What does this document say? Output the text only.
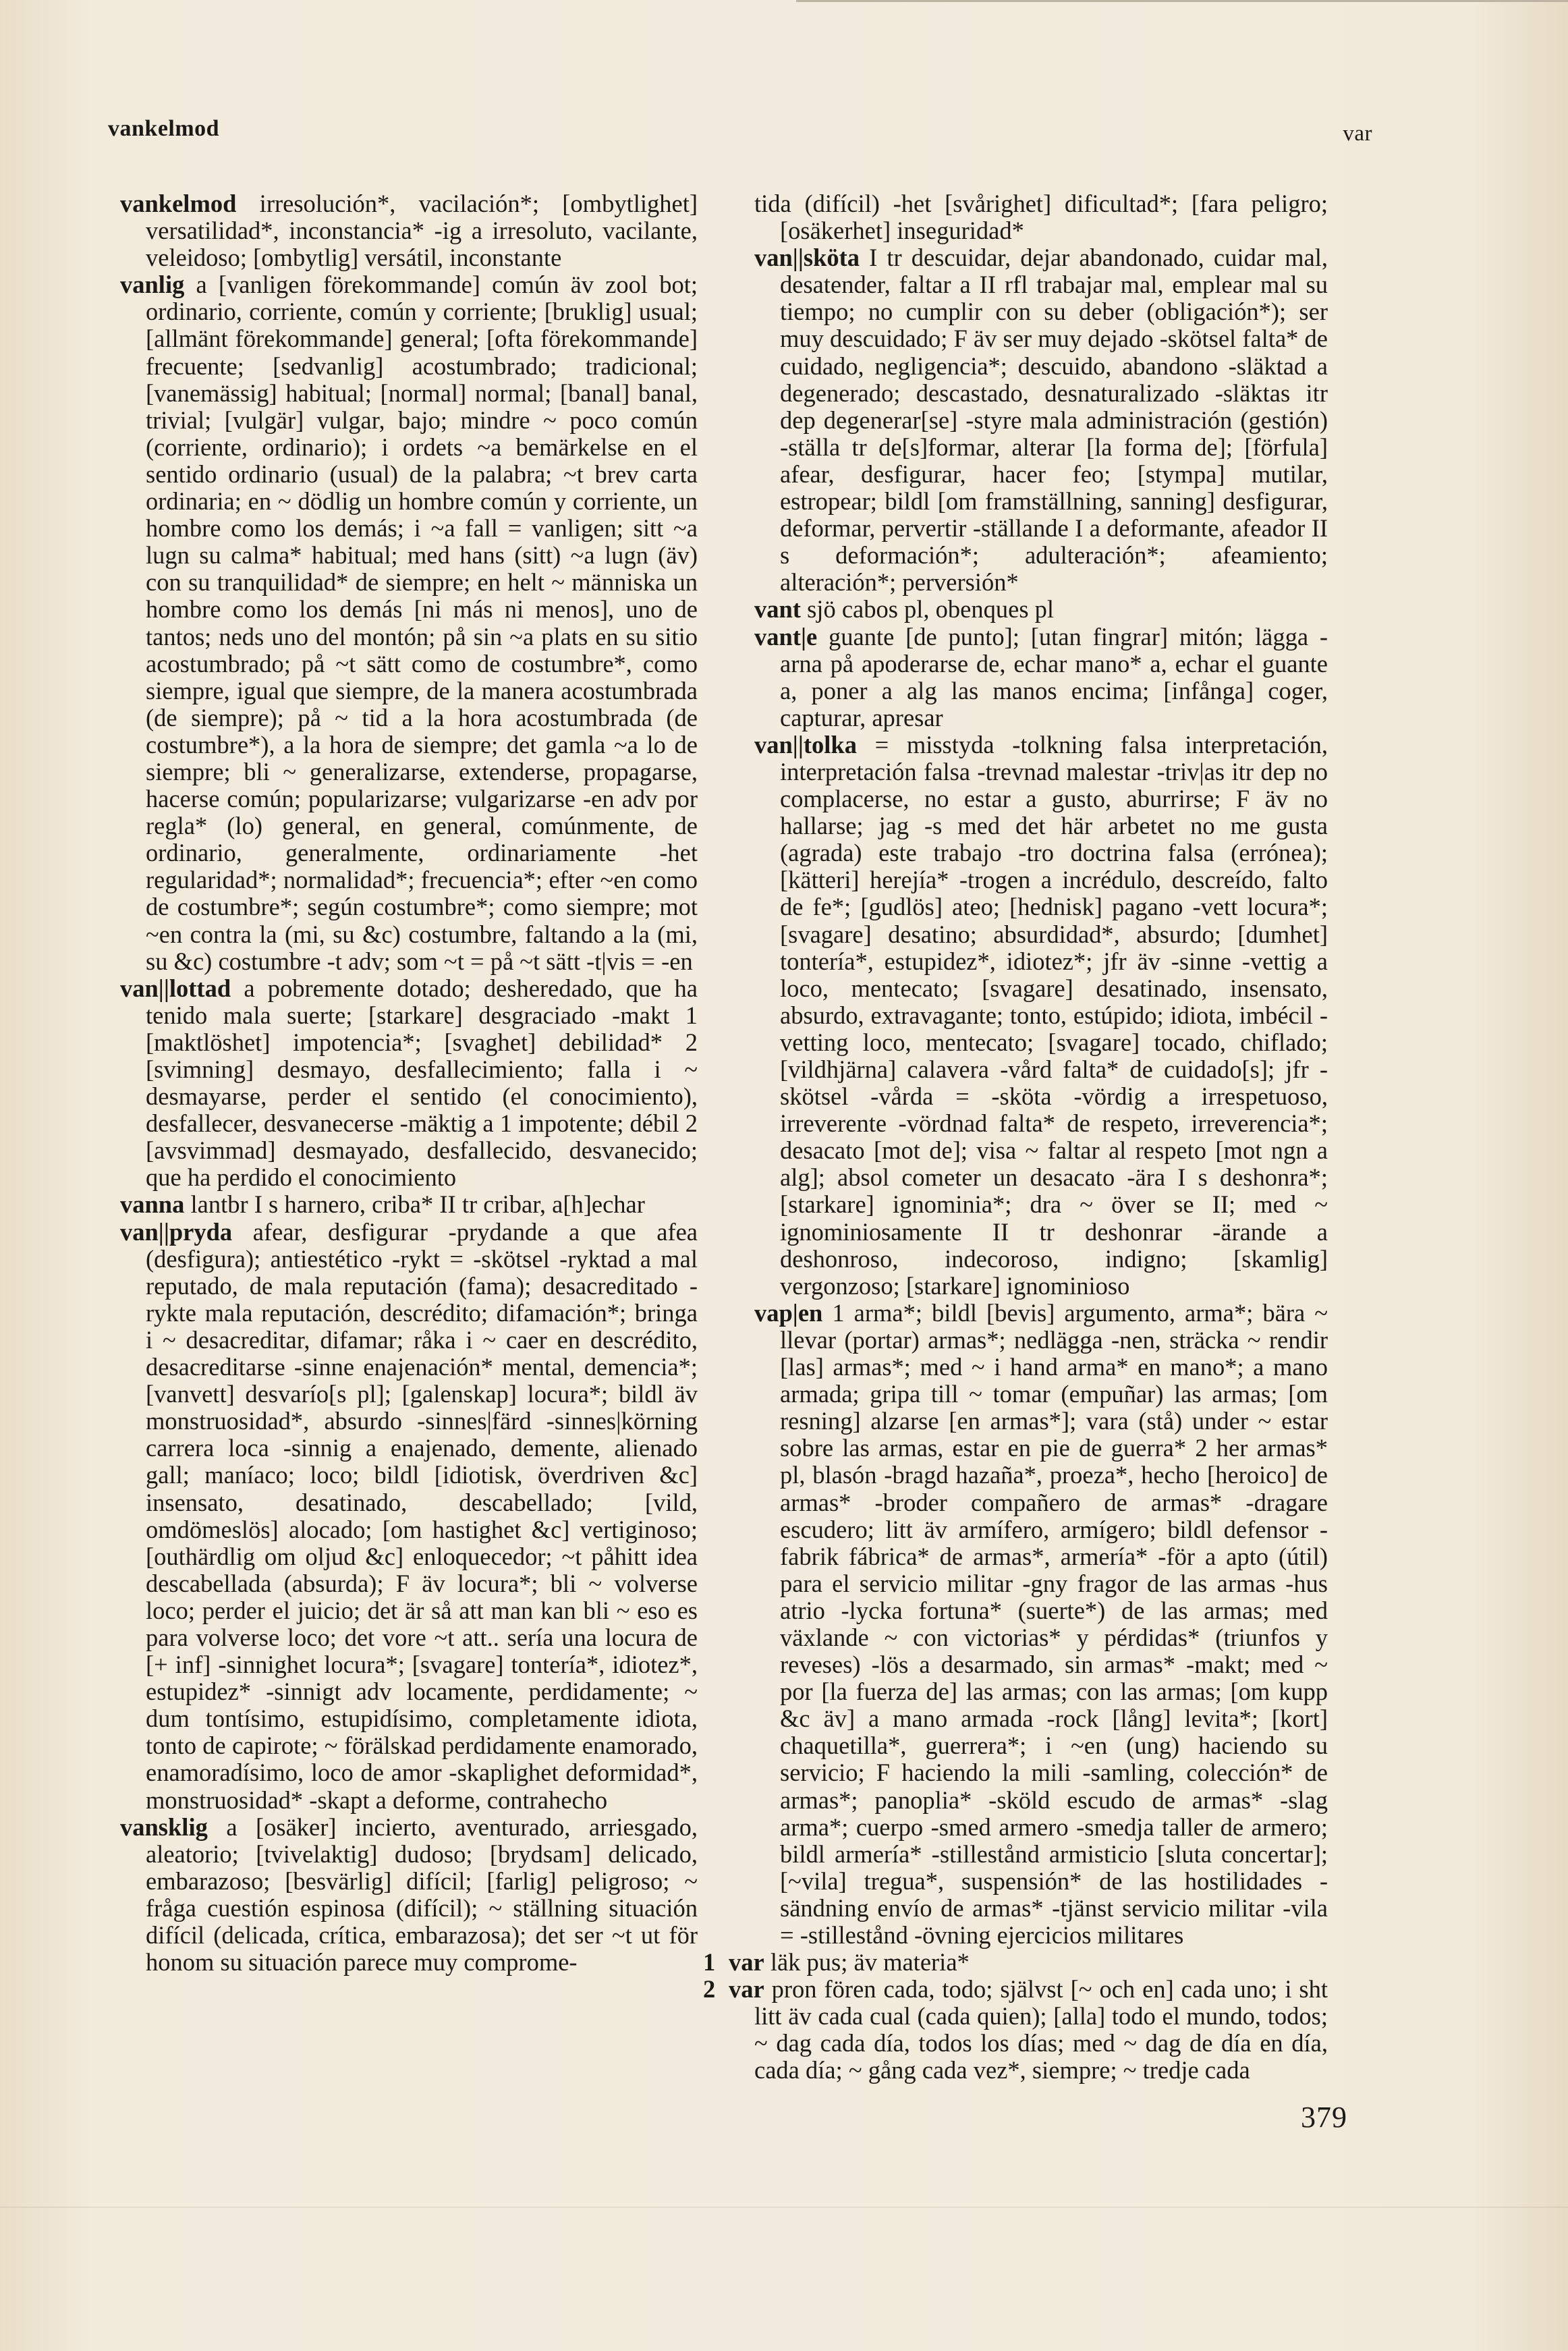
vankelmod	var
vankelmod irresolución*, vacilación*; [ombytlighet] versatilidad*, inconstancia* -ig a irresoluto, vacilante, veleidoso; [ombytlig] versátil, inconstante
vanlig a [vanligen förekommande] común äv zool bot; ordinario, corriente, común y corriente; [bruklig] usual; [allmänt förekommande] general; [ofta förekommande] frecuente; [sedvanlig] acostumbrado; tradicional; [vanemässig] habitual; [normal] normal; [banal] banal, trivial; [vulgär] vulgar, bajo; mindre ~ poco común (corriente, ordinario); i ordets ~a bemärkelse en el sentido ordinario (usual) de la palabra; ~t brev carta ordinaria; en ~ dödlig un hombre común y corriente, un hombre como los demás; i ~a fall = vanligen; sitt ~a lugn su calma* habitual; med hans (sitt) ~a lugn (äv) con su tranquilidad* de siempre; en helt ~ människa un hombre como los demás [ni más ni menos], uno de tantos; neds uno del montón; på sin ~a plats en su sitio acostumbrado; på ~t sätt como de costumbre*, como siempre, igual que siempre, de la manera acostumbrada (de siempre); på ~ tid a la hora acostumbrada (de costumbre*), a la hora de siempre; det gamla ~a lo de siempre; bli ~ generalizarse, extenderse, propagarse, hacerse común; popularizarse; vulgarizarse -en adv por regla* (lo) general, en general, comúnmente, de ordinario, generalmente, ordinariamente -het regularidad*; normalidad*; frecuencia*; efter ~en como de costumbre*; según costumbre*; como siempre; mot ~en contra la (mi, su &c) costumbre, faltando a la (mi, su &c) costumbre -t adv; som ~t = på ~t sätt -t|vis = -en
van||lottad a pobremente dotado; desheredado, que ha tenido mala suerte; [starkare] desgraciado -makt 1 [maktlöshet] impotencia*; [svaghet] debilidad* 2 [svimning] desmayo, desfallecimiento; falla i ~ desmayarse, perder el sentido (el conocimiento), desfallecer, desvanecerse -mäktig a 1 impotente; débil 2 [avsvimmad] desmayado, desfallecido, desvanecido; que ha perdido el conocimiento
vanna lantbr I s harnero, criba* II tr cribar, a[h]echar
van||pryda afear, desfigurar -prydande a que afea (desfigura); antiestético -rykt = -skötsel -ryktad a mal reputado, de mala reputación (fama); desacreditado -rykte mala reputación, descrédito; difamación*; bringa i ~ desacreditar, difamar; råka i ~ caer en descrédito, desacreditarse -sinne enajenación* mental, demencia*; [vanvett] desvarío[s pl]; [galenskap] locura*; bildl äv monstruosidad*, absurdo -sinnes|färd -sinnes|körning carrera loca -sinnig a enajenado, demente, alienado gall; maníaco; loco; bildl [idiotisk, överdriven &c] insensato, desatinado, descabellado; [vild, omdömeslös] alocado; [om hastighet &c] vertiginoso; [outhärdlig om oljud &c] enloquecedor; ~t påhitt idea descabellada (absurda); F äv locura*; bli ~ volverse loco; perder el juicio; det är så att man kan bli ~ eso es para volverse loco; det vore ~t att.. sería una locura de [+ inf] -sinnighet locura*; [svagare] tontería*, idiotez*, estupidez* -sinnigt adv locamente, perdidamente; ~ dum tontísimo, estupidísimo, completamente idiota, tonto de capirote; ~ förälskad perdidamente enamorado, enamoradísimo, loco de amor -skaplighet deformidad*, monstruosidad* -skapt a deforme, contrahecho
vansklig a [osäker] incierto, aventurado, arriesgado, aleatorio; [tvivelaktig] dudoso; [brydsam] delicado, embarazoso; [besvärlig] difícil; [farlig] peligroso; ~ fråga cuestión espinosa (difícil); ~ ställning situación difícil (delicada, crítica, embarazosa); det ser ~t ut för honom su situación parece muy comprome-
tida (difícil) -het [svårighet] dificultad*; [fara peligro; [osäkerhet] inseguridad*
van||sköta I tr descuidar, dejar abandonado, cuidar mal, desatender, faltar a II rfl trabajar mal, emplear mal su tiempo; no cumplir con su deber (obligación*); ser muy descuidado; F äv ser muy dejado -skötsel falta* de cuidado, negligencia*; descuido, abandono -släktad a degenerado; descastado, desnaturalizado -släktas itr dep degenerar[se] -styre mala administración (gestión) -ställa tr de[s]formar, alterar [la forma de]; [förfula] afear, desfigurar, hacer feo; [stympa] mutilar, estropear; bildl [om framställning, sanning] desfigurar, deformar, pervertir -ställande I a deformante, afeador II s deformación*; adulteración*; afeamiento; alteración*; perversión*
vant sjö cabos pl, obenques pl
vant|e guante [de punto]; [utan fingrar] mitón; lägga -arna på apoderarse de, echar mano* a, echar el guante a, poner a alg las manos encima; [infånga] coger, capturar, apresar
van||tolka = misstyda -tolkning falsa interpretación, interpretación falsa -trevnad malestar -triv|as itr dep no complacerse, no estar a gusto, aburrirse; F äv no hallarse; jag -s med det här arbetet no me gusta (agrada) este trabajo -tro doctrina falsa (errónea); [kätteri] herejía* -trogen a incrédulo, descreído, falto de fe*; [gudlös] ateo; [hednisk] pagano -vett locura*; [svagare] desatino; absurdidad*, absurdo; [dumhet] tontería*, estupidez*, idiotez*; jfr äv -sinne -vettig a loco, mentecato; [svagare] desatinado, insensato, absurdo, extravagante; tonto, estúpido; idiota, imbécil -vetting loco, mentecato; [svagare] tocado, chiflado; [vildhjärna] calavera -vård falta* de cuidado[s]; jfr -skötsel -vårda = -sköta -vördig a irrespetuoso, irreverente -vördnad falta* de respeto, irreverencia*; desacato [mot de]; visa ~ faltar al respeto [mot ngn a alg]; absol cometer un desacato -ära I s deshonra*; [starkare] ignominia*; dra ~ över se II; med ~ ignominiosamente II tr deshonrar -ärande a deshonroso, indecoroso, indigno; [skamlig] vergonzoso; [starkare] ignominioso
vap|en 1 arma*; bildl [bevis] argumento, arma*; bära ~ llevar (portar) armas*; nedlägga -nen, sträcka ~ rendir [las] armas*; med ~ i hand arma* en mano*; a mano armada; gripa till ~ tomar (empuñar) las armas; [om resning] alzarse [en armas*]; vara (stå) under ~ estar sobre las armas, estar en pie de guerra* 2 her armas* pl, blasón -bragd hazaña*, proeza*, hecho [heroico] de armas* -broder compañero de armas* -dragare escudero; litt äv armífero, armígero; bildl defensor -fabrik fábrica* de armas*, armería* -för a apto (útil) para el servicio militar -gny fragor de las armas -hus atrio -lycka fortuna* (suerte*) de las armas; med växlande ~ con victorias* y pérdidas* (triunfos y reveses) -lös a desarmado, sin armas* -makt; med ~ por [la fuerza de] las armas; con las armas; [om kupp &c äv] a mano armada -rock [lång] levita*; [kort] chaquetilla*, guerrera*; i ~en (ung) haciendo su servicio; F haciendo la mili -samling, colección* de armas*; panoplia* -sköld escudo de armas* -slag arma*; cuerpo -smed armero -smedja taller de armero; bildl armería* -stillestånd armisticio [sluta concertar]; [~vila] tregua*, suspensión* de las hostilidades -sändning envío de armas* -tjänst servicio militar -vila = -stillestånd -övning ejercicios militares
1 var läk pus; äv materia*
2 var pron fören cada, todo; självst [~ och en] cada uno; i sht litt äv cada cual (cada quien); [alla] todo el mundo, todos; ~ dag cada día, todos los días; med ~ dag de día en día, cada día; ~ gång cada vez*, siempre; ~ tredje cada
379
